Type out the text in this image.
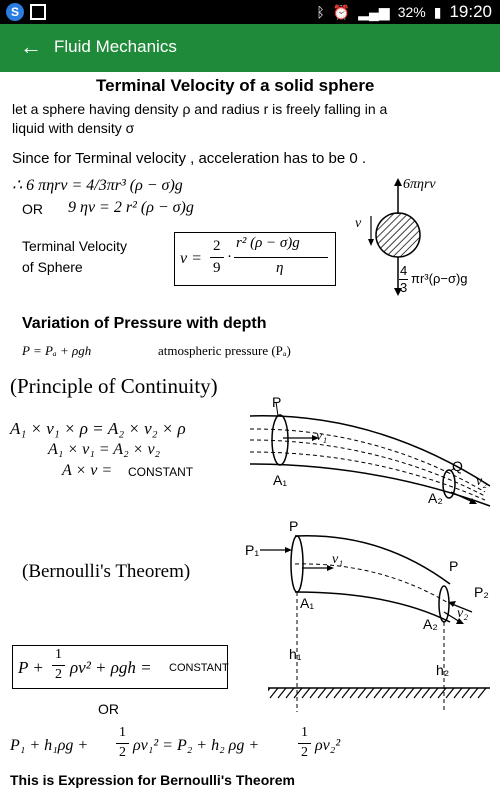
S	ᛒ ⏰ ▂▄▆ 32% ▮ 19:20
← Fluid Mechanics
Terminal Velocity of a solid sphere
let a sphere having density ρ and radius r is freely falling in a
liquid with density σ
Since for Terminal velocity , acceleration has to be 0 .
∴ 6 πηrv = 4/3πr³ (ρ − σ)g
OR 9 ηv = 2 r² (ρ − σ)g
Terminal Velocity
of Sphere	v =
2
9
·
r² (ρ − σ)g
η
6πηrv
v
4
3
πr³(ρ−σ)g
Variation of Pressure with depth
P = Pₐ + ρgh	atmospheric pressure (Pₐ)
(Principle of Continuity)
A₁ × v₁ × ρ = A₂ × v₂ × ρ
A₁ × v₁ = A₂ × v₂
A × v = CONSTANT
P
Q
v₁
v₂
A₁
A₂
(Bernoulli's Theorem)
P
P₁
v₁
A₁
P
P₂
v₂
A₂
h₁
h₂
P +
1
2 ρv² + ρgh = CONSTANT
OR
P₁ + h₁ρg +
1
2 ρv₁² = P₂ + h₂ ρg +
1
2 ρv₂²
This is Expression for Bernoulli's Theorem
